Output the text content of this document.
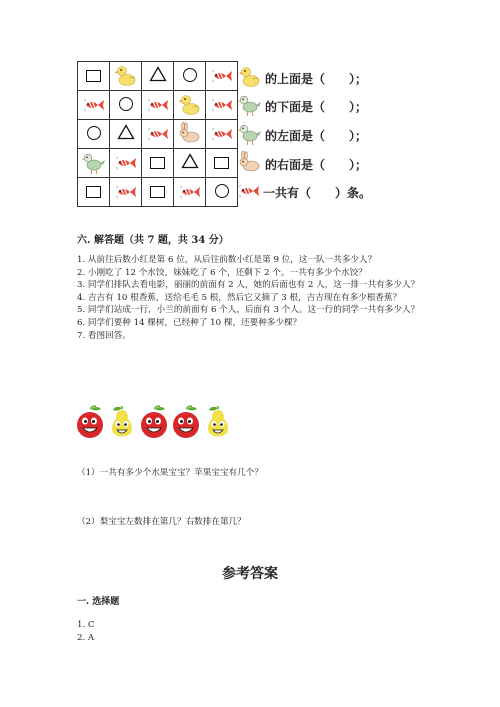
的上面是（　　）；
的下面是（　　）；
的左面是（　　）；
的右面是（　　）；
一共有（　　）条。
六. 解答题（共 7 题，共 34 分）
1. 从前往后数小红是第 6 位，从后往前数小红是第 9 位，这一队一共多少人？
2. 小刚吃了 12 个水饺，妹妹吃了 6 个，还剩下 2 个。一共有多少个水饺？
3. 同学们排队去看电影，丽丽的前面有 2 人，她的后面也有 2 人，这一排一共有多少人？
4. 吉吉有 10 根香蕉，送给毛毛 5 根，然后它又摘了 3 根，吉吉现在有多少根香蕉？
5. 同学们站成一行，小兰的前面有 6 个人，后面有 3 个人。这一行的同学一共有多少人？
6. 同学们要种 14 棵树，已经种了 10 棵，还要种多少棵？
7. 看图回答。
（1）一共有多少个水果宝宝？苹果宝宝有几个？
（2）梨宝宝左数排在第几？右数排在第几？
参考答案
一. 选择题
1. C
2. A
